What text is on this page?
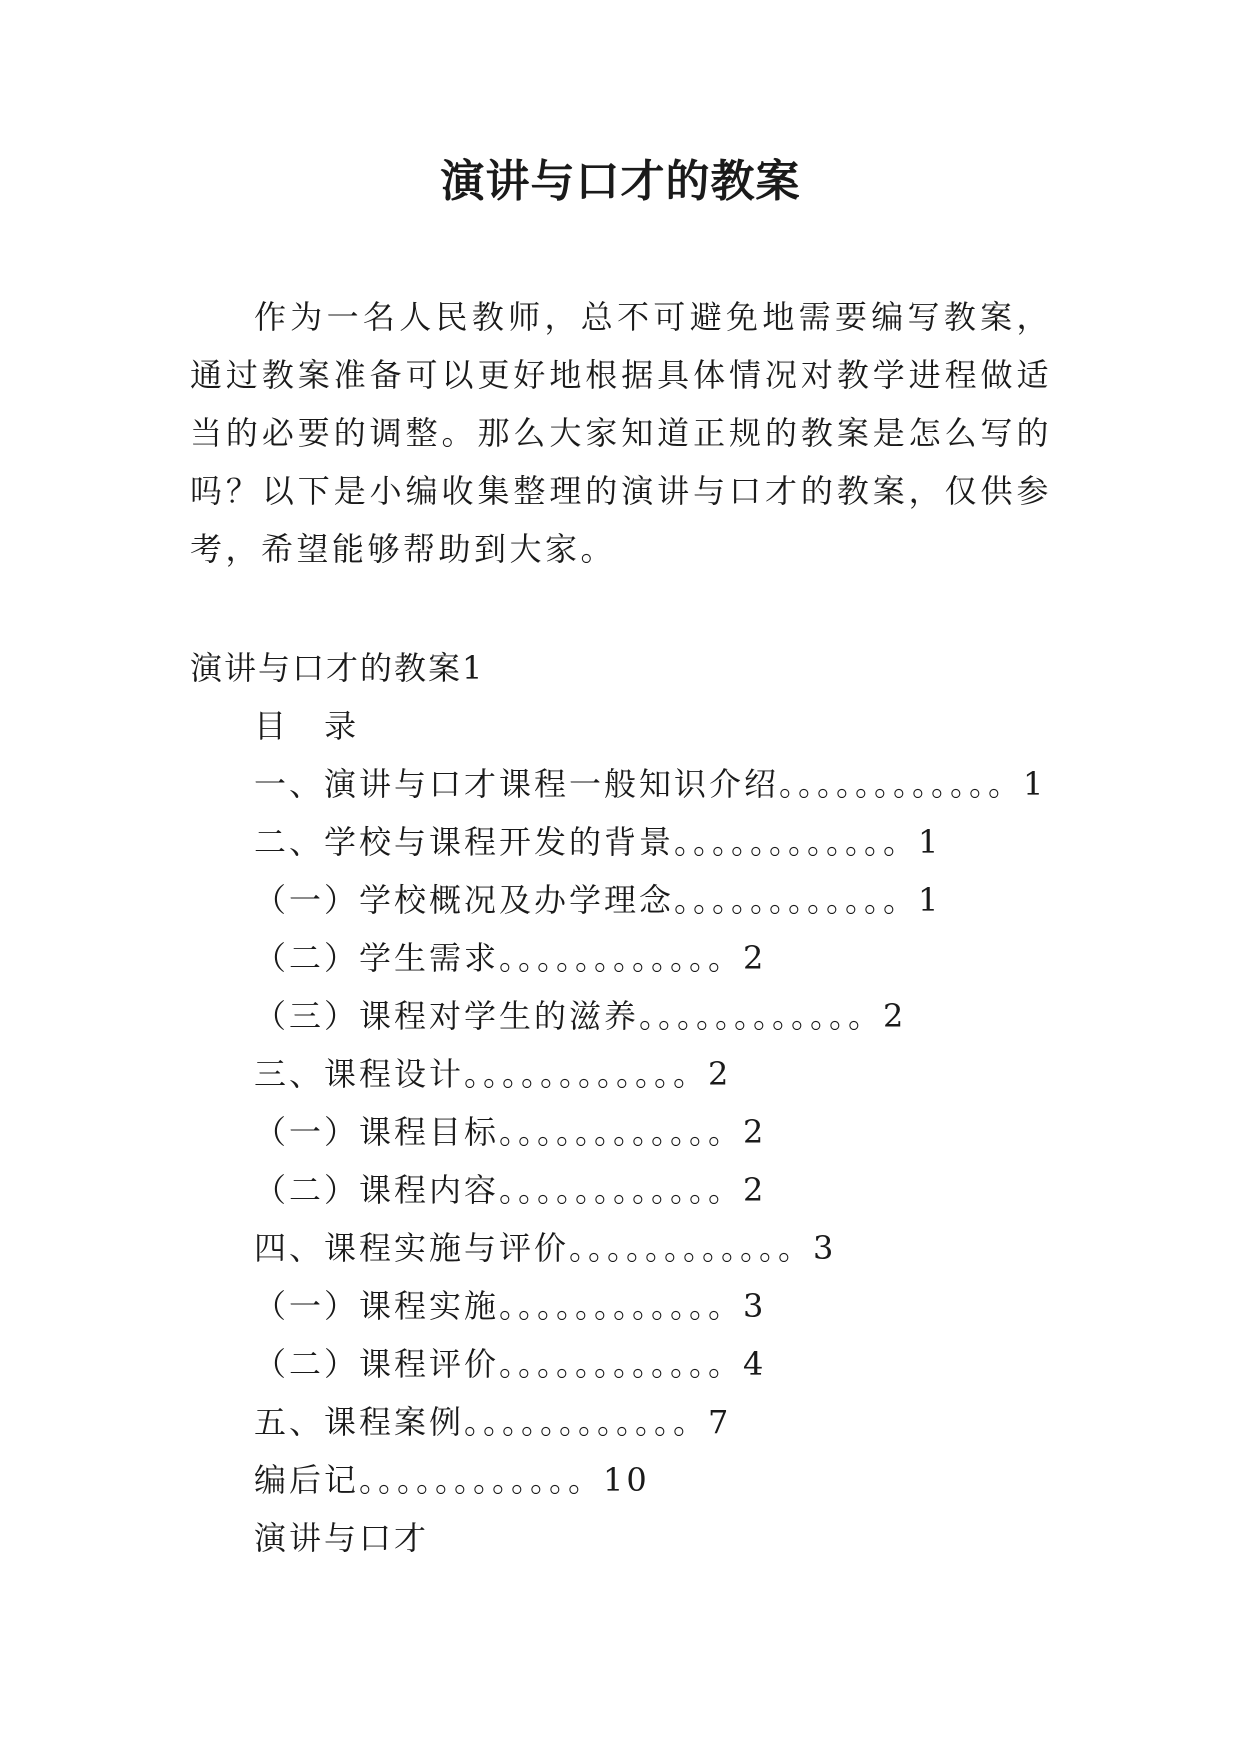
演讲与口才的教案

作为一名人民教师，总不可避免地需要编写教案，通过教案准备可以更好地根据具体情况对教学进程做适当的必要的调整。那么大家知道正规的教案是怎么写的吗？以下是小编收集整理的演讲与口才的教案，仅供参考，希望能够帮助到大家。

演讲与口才的教案1

目 录
一、演讲与口才课程一般知识介绍。。。。。。。。。。。。1
二、学校与课程开发的背景。。。。。。。。。。。。1
（一）学校概况及办学理念。。。。。。。。。。。。1
（二）学生需求。。。。。。。。。。。。2
（三）课程对学生的滋养。。。。。。。。。。。。2
三、课程设计。。。。。。。。。。。。2
（一）课程目标。。。。。。。。。。。。2
（二）课程内容。。。。。。。。。。。。2
四、课程实施与评价。。。。。。。。。。。。3
（一）课程实施。。。。。。。。。。。。3
（二）课程评价。。。。。。。。。。。。4
五、课程案例。。。。。。。。。。。。7
编后记。。。。。。。。。。。。10
演讲与口才
